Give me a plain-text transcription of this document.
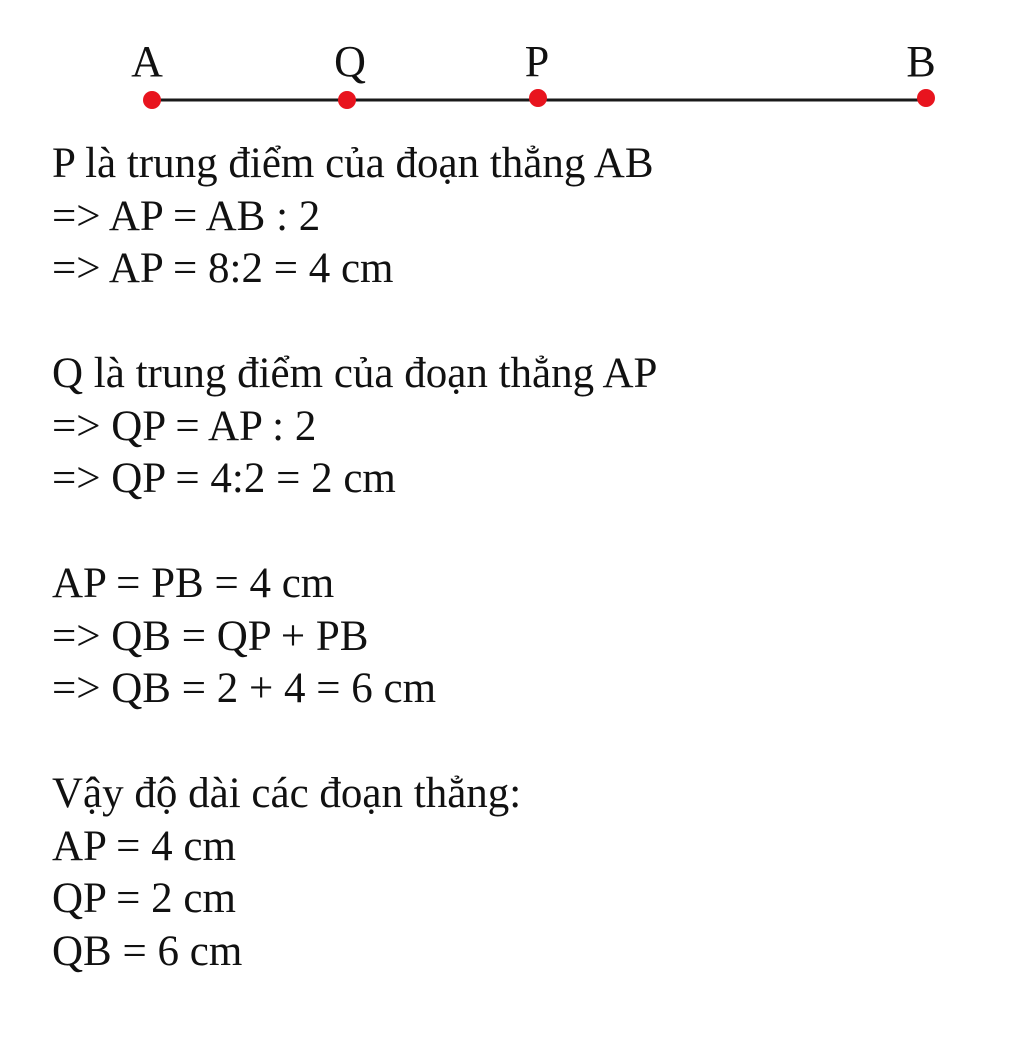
A	Q	P	B
P là trung điểm của đoạn thẳng AB
=> AP = AB : 2
=> AP = 8:2 = 4 cm
Q là trung điểm của đoạn thẳng AP
=> QP = AP : 2
=> QP = 4:2 = 2 cm
AP = PB = 4 cm
=> QB = QP + PB
=> QB = 2 + 4 = 6 cm
Vậy độ dài các đoạn thẳng:
AP = 4 cm
QP = 2 cm
QB = 6 cm
